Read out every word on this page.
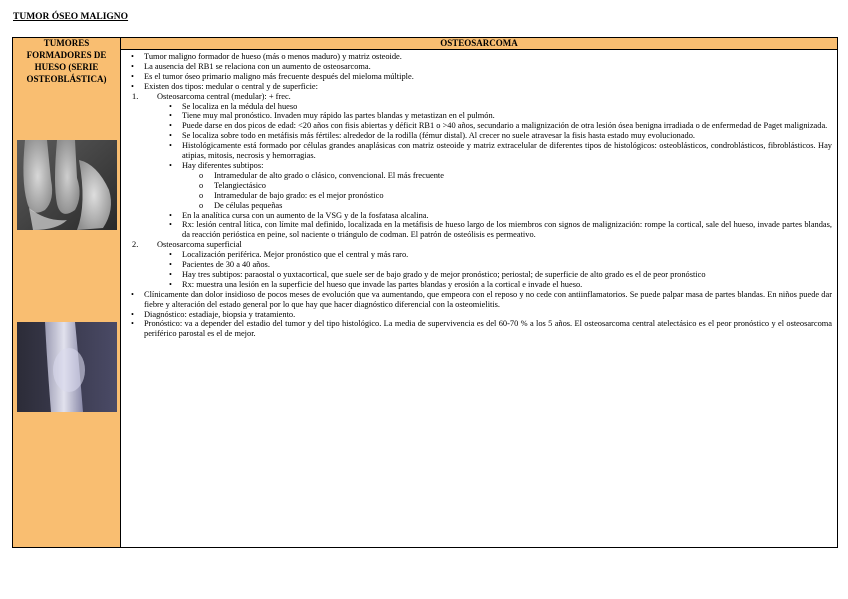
TUMOR ÓSEO MALIGNO
TUMORES
FORMADORES DE
HUESO (SERIE
OSTEOBLÁSTICA)
OSTEOSARCOMA
• Tumor maligno formador de hueso (más o menos maduro) y matriz osteoide.
• La ausencia del RB1 se relaciona con un aumento de osteosarcoma.
• Es el tumor óseo primario maligno más frecuente después del mieloma múltiple.
• Existen dos tipos: medular o central y de superficie:
1. Osteosarcoma central (medular): + frec.
• Se localiza en la médula del hueso
• Tiene muy mal pronóstico. Invaden muy rápido las partes blandas y metastizan en el pulmón.
• Puede darse en dos picos de edad: <20 años con fisis abiertas y déficit RB1 o >40 años, secundario a malignización de otra lesión ósea benigna irradiada o de enfermedad de Paget malignizada.
• Se localiza sobre todo en metáfisis más fértiles: alrededor de la rodilla (fémur distal). Al crecer no suele atravesar la fisis hasta estado muy evolucionado.
• Histológicamente está formado por células grandes anaplásicas con matriz osteoide y matriz extracelular de diferentes tipos de histológicos: osteoblásticos, condroblásticos, fibroblásticos. Hay atipias, mitosis, necrosis y hemorragias.
• Hay diferentes subtipos:
o Intramedular de alto grado o clásico, convencional. El más frecuente
o Telangiectásico
o Intramedular de bajo grado: es el mejor pronóstico
o De células pequeñas
• En la analítica cursa con un aumento de la VSG y de la fosfatasa alcalina.
• Rx: lesión central lítica, con límite mal definido, localizada en la metáfisis de hueso largo de los miembros con signos de malignización: rompe la cortical, sale del hueso, invade partes blandas, da reacción perióstica en peine, sol naciente o triángulo de codman. El patrón de osteólisis es permeativo.
2. Osteosarcoma superficial
• Localización periférica. Mejor pronóstico que el central y más raro.
• Pacientes de 30 a 40 años.
• Hay tres subtipos: paraostal o yuxtacortical, que suele ser de bajo grado y de mejor pronóstico; periostal; de superficie de alto grado es el de peor pronóstico
• Rx: muestra una lesión en la superficie del hueso que invade las partes blandas y erosión a la cortical e invade el hueso.
• Clínicamente dan dolor insidioso de pocos meses de evolución que va aumentando, que empeora con el reposo y no cede con antiinflamatorios. Se puede palpar masa de partes blandas. En niños puede dar fiebre y alteración del estado general por lo que hay que hacer diagnóstico diferencial con la osteomielitis.
• Diagnóstico: estadiaje, biopsia y tratamiento.
• Pronóstico: va a depender del estadio del tumor y del tipo histológico. La media de supervivencia es del 60-70 % a los 5 años. El osteosarcoma central atelectásico es el peor pronóstico y el osteosarcoma periférico parostal es el de mejor.
